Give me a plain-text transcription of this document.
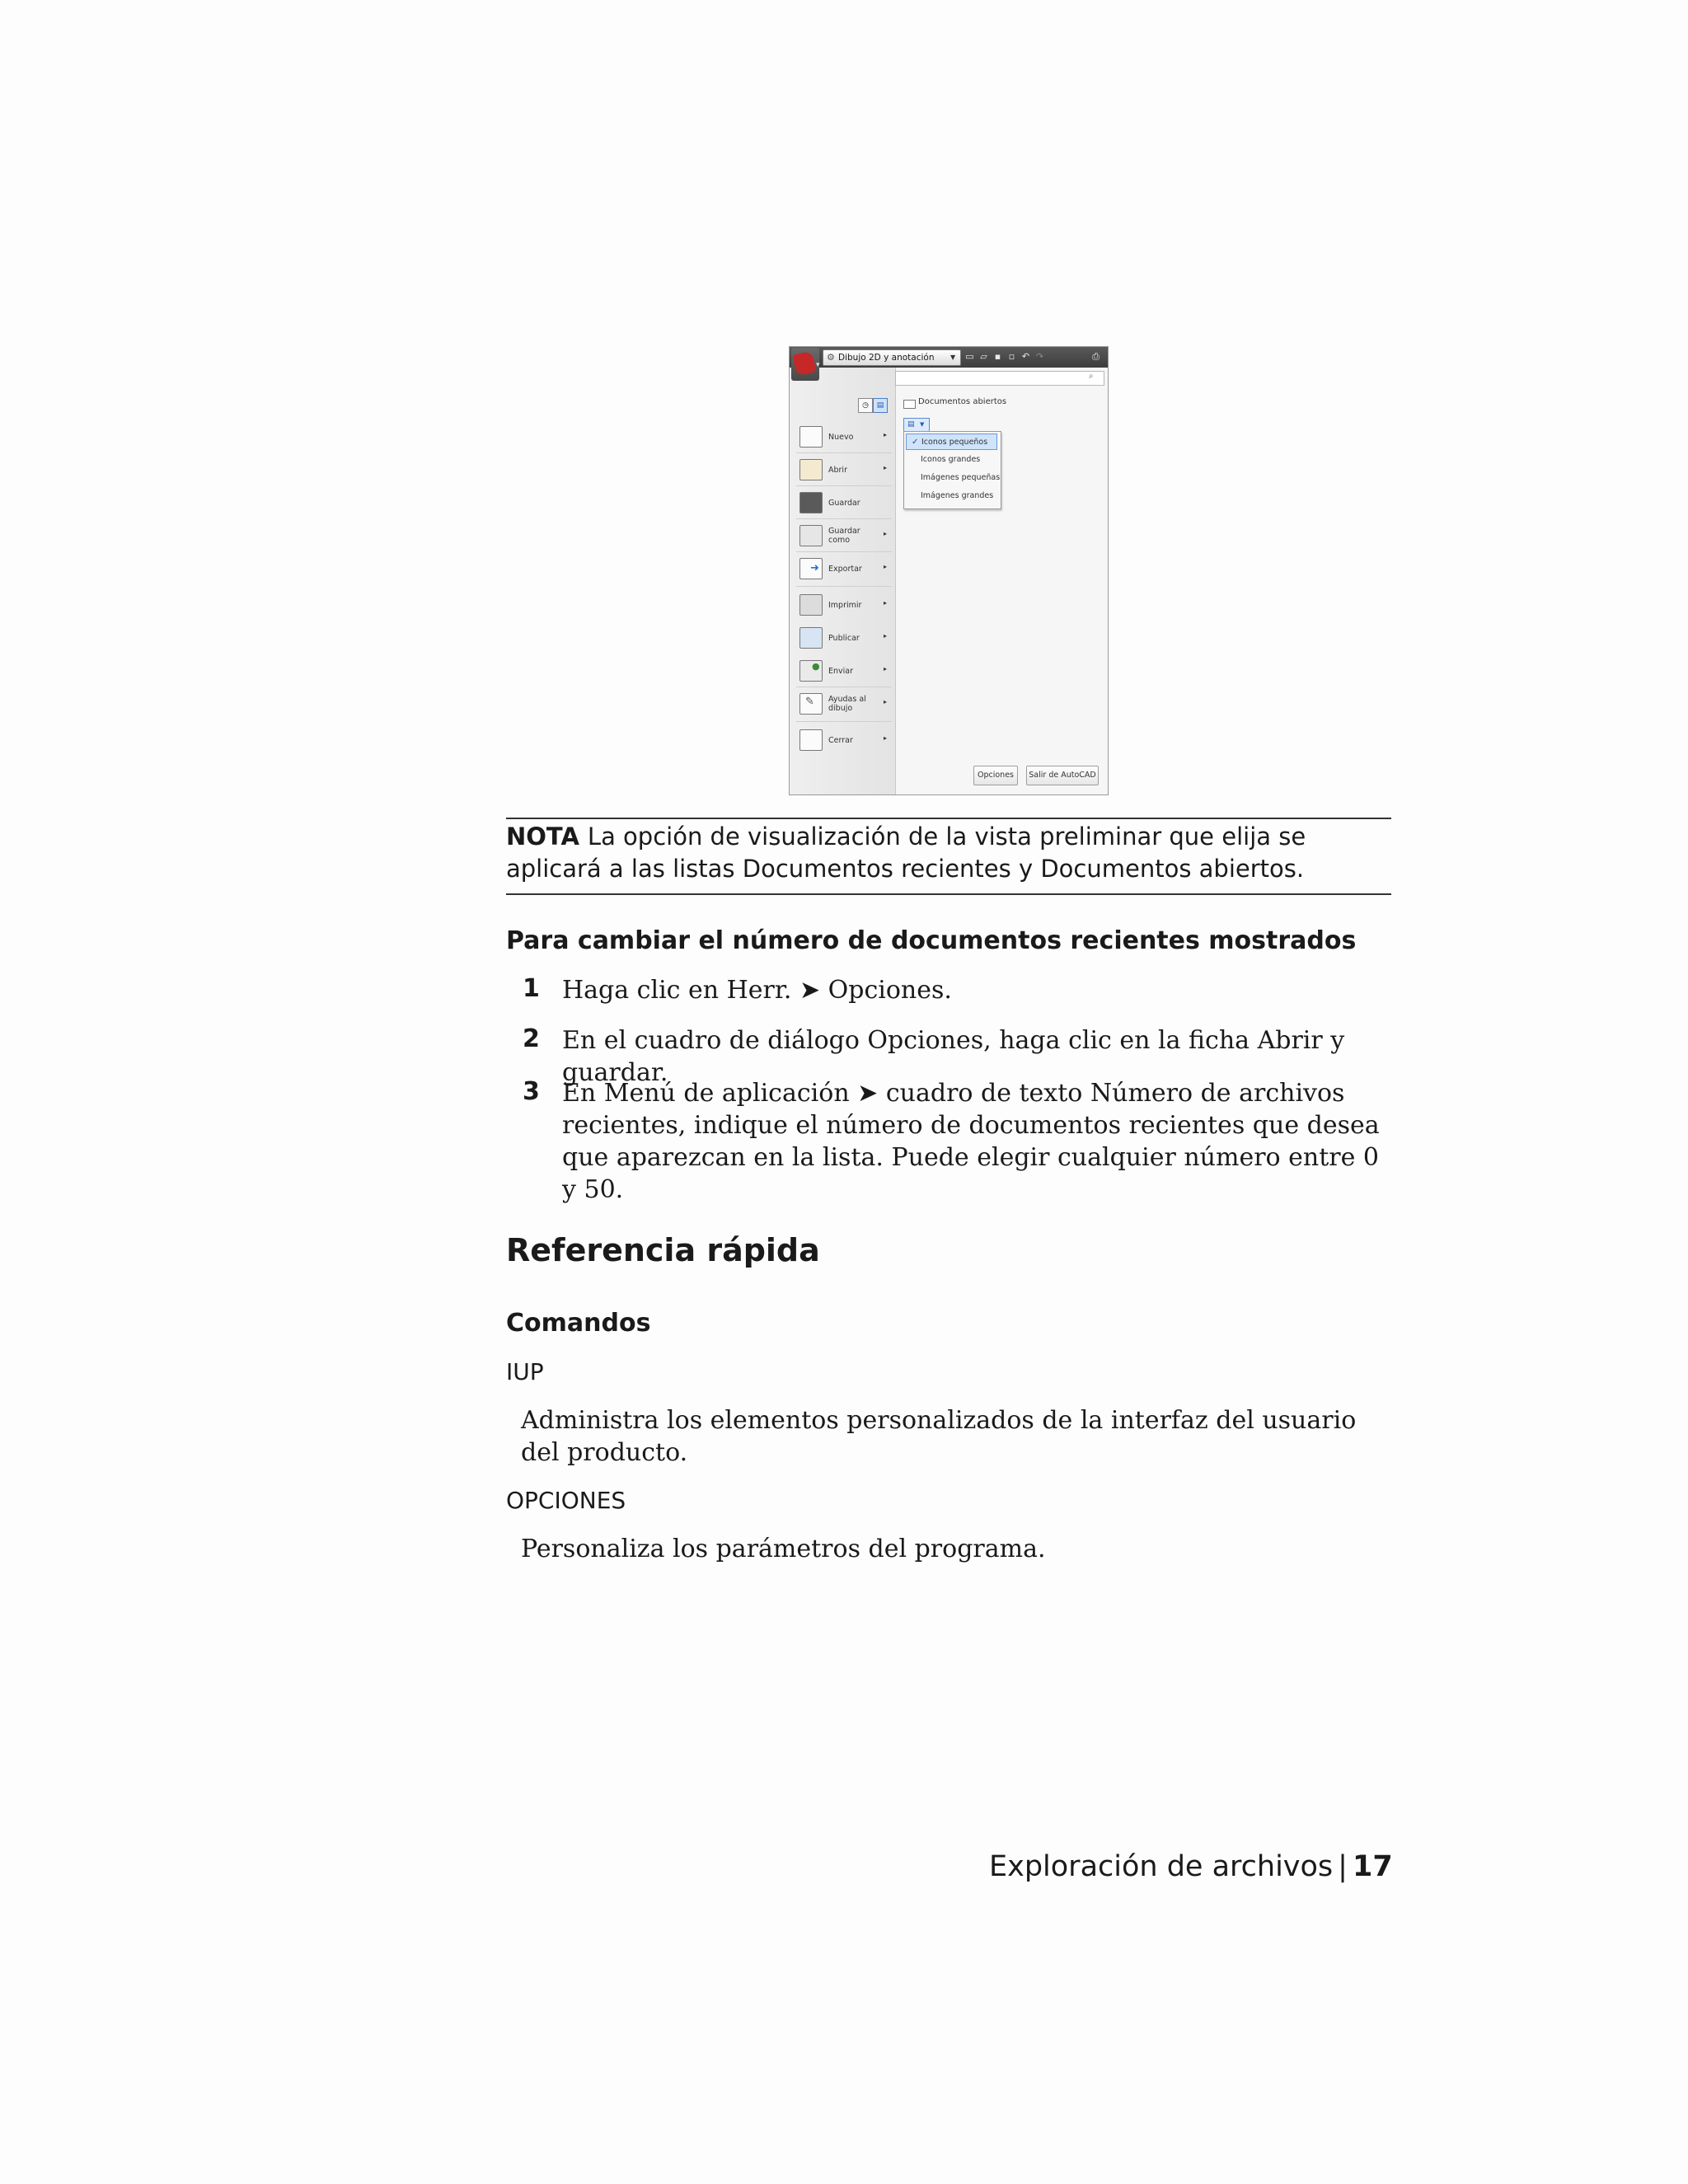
⚙ Dibujo 2D y anotación ▼ ▭ ▱ ▪ ▫ ↶ ↷	⎙
▾
⌕
◷	▤
Nuevo	▸
Abrir	▸
Guardar
Guardar como
▸
➜ Exportar	▸
Imprimir	▸
Publicar	▸
● Enviar	▸
✎ Ayudas al dibujo
▸
Cerrar	▸
Documentos abiertos
▤ ▼
✓ Iconos pequeños
Iconos grandes
Imágenes pequeñas
Imágenes grandes
Opciones	Salir de AutoCAD
NOTA La opción de visualización de la vista preliminar que elija se aplicará a las listas Documentos recientes y Documentos abiertos.
Para cambiar el número de documentos recientes mostrados
1 Haga clic en Herr. ➤ Opciones.
2 En el cuadro de diálogo Opciones, haga clic en la ficha Abrir y guardar.
3 En Menú de aplicación ➤ cuadro de texto Número de archivos recientes, indique el número de documentos recientes que desea que aparezcan en la lista. Puede elegir cualquier número entre 0 y 50.
Referencia rápida
Comandos
IUP
Administra los elementos personalizados de la interfaz del usuario del producto.
OPCIONES
Personaliza los parámetros del programa.
Exploración de archivos | 17
